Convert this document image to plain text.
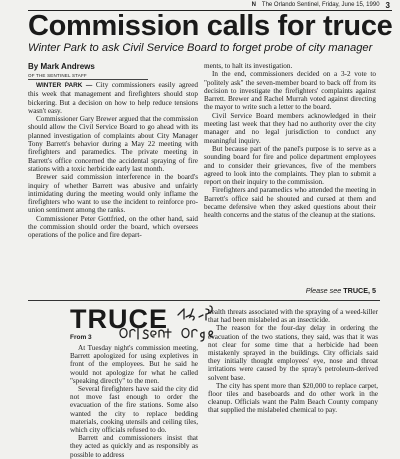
N The Orlando Sentinel, Friday, June 15, 1990 3
Commission calls for truce
Winter Park to ask Civil Service Board to forget probe of city manager
By Mark Andrews
OF THE SENTINEL STAFF

WINTER PARK — City commissioners easily agreed this week that management and firefighters should stop bickering. But a decision on how to help reduce tensions wasn't easy.

Commissioner Gary Brewer argued that the commission should allow the Civil Service Board to go ahead with its planned investigation of complaints about City Manager Tony Barrett's behavior during a May 22 meeting with firefighters and paramedics. The private meeting in Barrett's office concerned the accidental spraying of fire stations with a toxic herbicide early last month.

Brewer said commission interference in the board's inquiry of whether Barrett was abusive and unfairly intimidating during the meeting would only inflame the firefighters who want to use the incident to reinforce pro-union sentiment among the ranks.

Commissioner Peter Gottfried, on the other hand, said the commission should order the board, which oversees operations of the police and fire depart-

ments, to halt its investigation.

In the end, commissioners decided on a 3-2 vote to "politely ask" the seven-member board to back off from its decision to investigate the firefighters' complaints against Barrett. Brewer and Rachel Murrah voted against directing the mayor to write such a letter to the board.

Civil Service Board members acknowledged in their meeting last week that they had no authority over the city manager and no legal jurisdiction to conduct any meaningful inquiry.

But because part of the panel's purpose is to serve as a sounding board for fire and police department employees and to consider their grievances, five of the members agreed to look into the complaints. They plan to submit a report on their inquiry to the commission.

Firefighters and paramedics who attended the meeting in Barrett's office said he shouted and cursed at them and became defensive when they asked questions about their health concerns and the status of the cleanup at the stations.

Please see TRUCE, 5
TRUCE
From 3

At Tuesday night's commission meeting, Barrett apologized for using expletives in front of the employees. But he said he would not apologize for what he called "speaking directly" to the men.

Several firefighters have said the city did not move fast enough to order the evacuation of the fire stations. Some also wanted the city to replace bedding materials, cooking utensils and ceiling tiles, which city officials refused to do.

Barrett and commissioners insist that they acted as quickly and as responsibly as possible to address

health threats associated with the spraying of a weed-killer that had been mislabeled as an insecticide.

The reason for the four-day delay in ordering the evacuation of the two stations, they said, was that it was not clear for some time that a herbicide had been mistakenly sprayed in the buildings. City officials said they initially thought employees' eye, nose and throat irritations were caused by the spray's petroleum-derived solvent base.

The city has spent more than $20,000 to replace carpet, floor tiles and baseboards and do other work in the cleanup. Officials want the Palm Beach County company that supplied the mislabeled chemical to pay.
